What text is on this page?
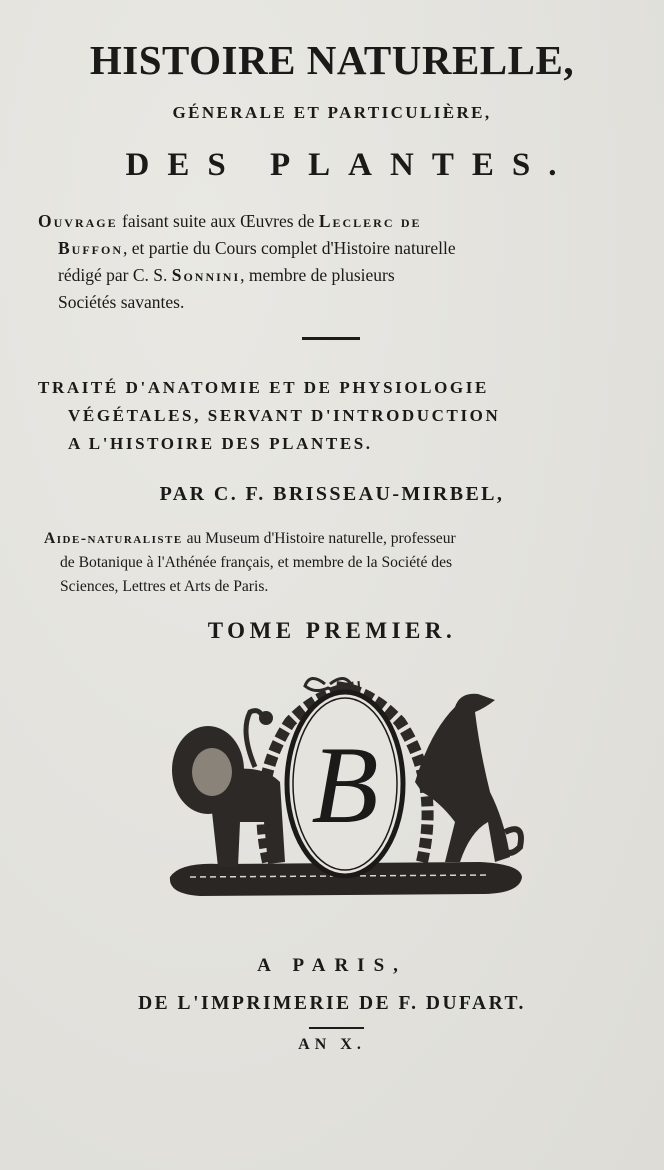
HISTOIRE NATURELLE,
GÉNERALE ET PARTICULIÈRE,
DES PLANTES.
Ouvrage faisant suite aux Œuvres de Leclerc de
Buffon, et partie du Cours complet d'Histoire naturelle
rédigé par C. S. Sonnini, membre de plusieurs
Sociétés savantes.
TRAITÉ D'ANATOMIE ET DE PHYSIOLOGIE
VÉGÉTALES, SERVANT D'INTRODUCTION
A L'HISTOIRE DES PLANTES.
PAR C. F. BRISSEAU-MIRBEL,
Aide-naturaliste au Museum d'Histoire naturelle, professeur
de Botanique à l'Athénée français, et membre de la Société des
Sciences, Lettres et Arts de Paris.
TOME PREMIER.
B
A PARIS,
DE L'IMPRIMERIE DE F. DUFART.
AN X.
